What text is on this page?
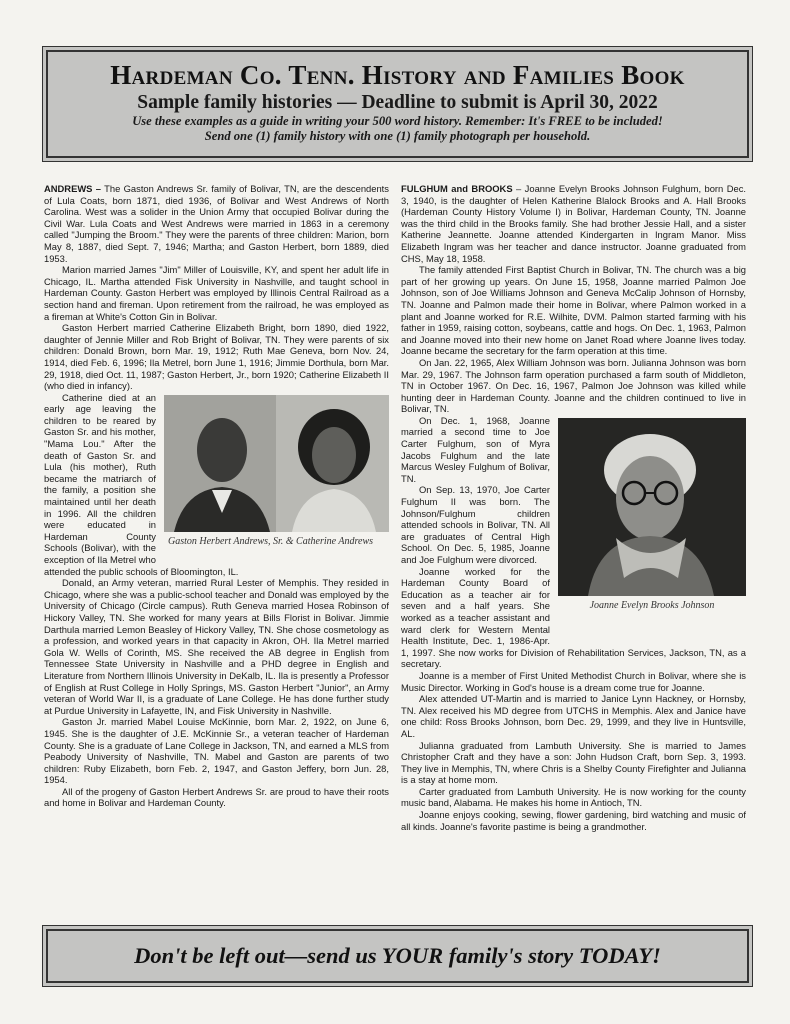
Hardeman Co. Tenn. History and Families Book
Sample family histories — Deadline to submit is April 30, 2022
Use these examples as a guide in writing your 500 word history. Remember: It's FREE to be included!
Send one (1) family history with one (1) family photograph per household.

ANDREWS – The Gaston Andrews Sr. family of Bolivar, TN, are the descendents of Lula Coats, born 1871, died 1936, of Bolivar and West Andrews of North Carolina. West was a solider in the Union Army that occupied Bolivar during the Civil War. Lula Coats and West Andrews were married in 1863 in a ceremony called "Jumping the Broom." They were the parents of three children: Marion, born May 8, 1887, died Sept. 7, 1946; Martha; and Gaston Herbert, born 1889, died 1953.

Marion married James "Jim" Miller of Louisville, KY, and spent her adult life in Chicago, IL. Martha attended Fisk University in Nashville, and taught school in Hardeman County. Gaston Herbert was employed by Illinois Central Railroad as a section hand and fireman. Upon retirement from the railroad, he was employed as a fireman at White's Cotton Gin in Bolivar.

Gaston Herbert married Catherine Elizabeth Bright, born 1890, died 1922, daughter of Jennie Miller and Rob Bright of Bolivar, TN. They were parents of six children: Donald Brown, born Mar. 19, 1912; Ruth Mae Geneva, born Nov. 24, 1914, died Feb. 6, 1996; Ila Metrel, born June 1, 1916; Jimmie Dorthula, born Mar. 29, 1918, died Oct. 11, 1987; Gaston Herbert, Jr., born 1920; Catherine Elizabeth II (who died in infancy).

Gaston Herbert Andrews, Sr. & Catherine Andrews

Catherine died at an early age leaving the children to be reared by Gaston Sr. and his mother, "Mama Lou." After the death of Gaston Sr. and Lula (his mother), Ruth became the matriarch of the family, a position she maintained until her death in 1996. All the children were educated in Hardeman County Schools (Bolivar), with the exception of Ila Metrel who attended the public schools of Bloomington, IL.

Donald, an Army veteran, married Rural Lester of Memphis. They resided in Chicago, where she was a public-school teacher and Donald was employed by the University of Chicago (Circle campus). Ruth Geneva married Hosea Robinson of Hickory Valley, TN. She worked for many years at Bills Florist in Bolivar. Jimmie Darthula married Lemon Beasley of Hickory Valley, TN. She chose cosmetology as a profession, and worked years in that capacity in Akron, OH. Ila Metrel married Gola W. Wells of Corinth, MS. She received the AB degree in English from Tennessee State University in Nashville and a PHD degree in English and Literature from Northern Illinois University in DeKalb, IL. Ila is presently a Professor of English at Rust College in Holly Springs, MS. Gaston Herbert "Junior", an Army veteran of World War II, is a graduate of Lane College. He has done further study at Purdue University in Lafayette, IN, and Fisk University in Nashville.

Gaston Jr. married Mabel Louise McKinnie, born Mar. 2, 1922, on June 6, 1945. She is the daughter of J.E. McKinnie Sr., a veteran teacher of Hardeman County. She is a graduate of Lane College in Jackson, TN, and earned a MLS from Peabody University of Nashville, TN. Mabel and Gaston are parents of two children: Ruby Elizabeth, born Feb. 2, 1947, and Gaston Jeffery, born Jun. 28, 1954.

All of the progeny of Gaston Herbert Andrews Sr. are proud to have their roots and home in Bolivar and Hardeman County.

FULGHUM and BROOKS – Joanne Evelyn Brooks Johnson Fulghum, born Dec. 3, 1940, is the daughter of Helen Katherine Blalock Brooks and A. Hall Brooks (Hardeman County History Volume I) in Bolivar, Hardeman County, TN. Joanne was the third child in the Brooks family. She had brother Jessie Hall, and a sister Katherine Jeannette. Joanne attended Kindergarten in Ingram Manor. Miss Elizabeth Ingram was her teacher and dance instructor. Joanne graduated from CHS, May 18, 1958.

The family attended First Baptist Church in Bolivar, TN. The church was a big part of her growing up years. On June 15, 1958, Joanne married Palmon Joe Johnson, son of Joe Williams Johnson and Geneva McCalip Johnson of Hornsby, TN. Joanne and Palmon made their home in Bolivar, where Palmon worked in a plant and Joanne worked for R.E. Wilhite, DVM. Palmon started farming with his father in 1959, raising cotton, soybeans, cattle and hogs. On Dec. 1, 1963, Palmon and Joanne moved into their new home on Janet Road where Joanne lives today. Joanne became the secretary for the farm operation at this time.

On Jan. 22, 1965, Alex William Johnson was born. Julianna Johnson was born Mar. 29, 1967. The Johnson farm operation purchased a farm south of Middleton, TN in October 1967. On Dec. 16, 1967, Palmon Joe Johnson was killed while hunting deer in Hardeman County. Joanne and the children continued to live in Bolivar, TN.

Joanne Evelyn Brooks Johnson

On Dec. 1, 1968, Joanne married a second time to Joe Carter Fulghum, son of Myra Jacobs Fulghum and the late Marcus Wesley Fulghum of Bolivar, TN.

On Sep. 13, 1970, Joe Carter Fulghum II was born. The Johnson/Fulghum children attended schools in Bolivar, TN. All are graduates of Central High School. On Dec. 5, 1985, Joanne and Joe Fulghum were divorced.

Joanne worked for the Hardeman County Board of Education as a teacher air for seven and a half years. She worked as a teacher assistant and ward clerk for Western Mental Health Institute, Dec. 1, 1986-Apr. 1, 1997. She now works for Division of Rehabilitation Services, Jackson, TN, as a secretary.

Joanne is a member of First United Methodist Church in Bolivar, where she is Music Director. Working in God's house is a dream come true for Joanne.

Alex attended UT-Martin and is married to Janice Lynn Hackney, or Hornsby, TN. Alex received his MD degree from UTCHS in Memphis. Alex and Janice have one child: Ross Brooks Johnson, born Dec. 29, 1999, and they live in Huntsville, AL.

Julianna graduated from Lambuth University. She is married to James Christopher Craft and they have a son: John Hudson Craft, born Sep. 3, 1993. They live in Memphis, TN, where Chris is a Shelby County Firefighter and Julianna is a stay at home mom.

Carter graduated from Lambuth University. He is now working for the county music band, Alabama. He makes his home in Antioch, TN.

Joanne enjoys cooking, sewing, flower gardening, bird watching and music of all kinds. Joanne's favorite pastime is being a grandmother.

Don't be left out—send us YOUR family's story TODAY!
